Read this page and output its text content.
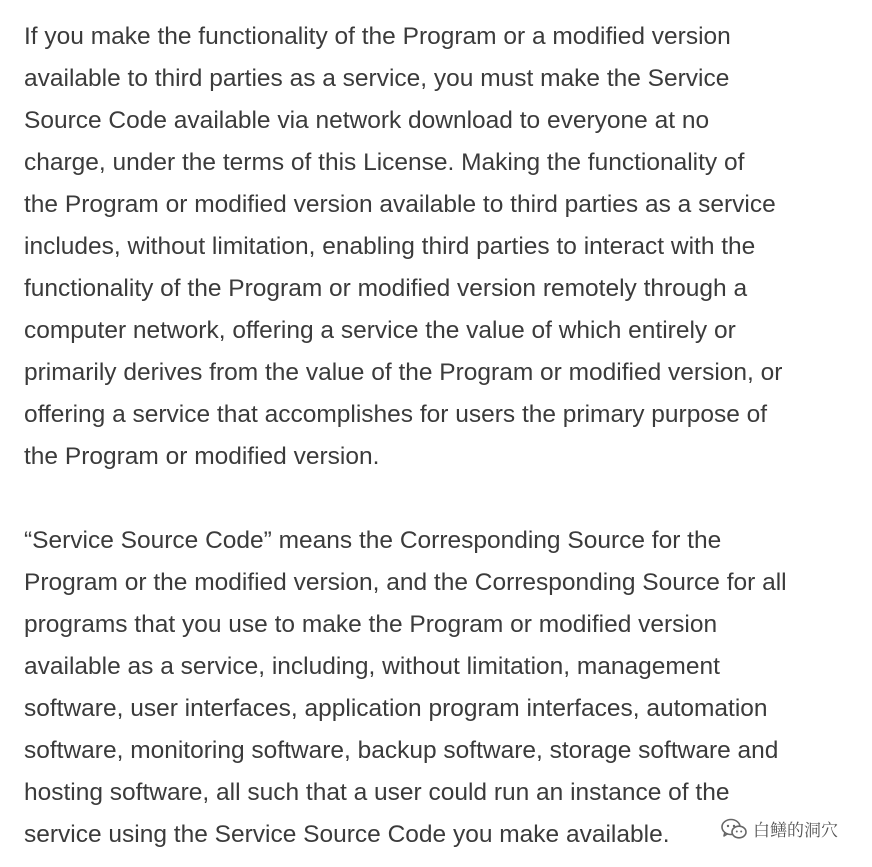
If you make the functionality of the Program or a modified version
available to third parties as a service, you must make the Service
Source Code available via network download to everyone at no
charge, under the terms of this License. Making the functionality of
the Program or modified version available to third parties as a service
includes, without limitation, enabling third parties to interact with the
functionality of the Program or modified version remotely through a
computer network, offering a service the value of which entirely or
primarily derives from the value of the Program or modified version, or
offering a service that accomplishes for users the primary purpose of
the Program or modified version.

“Service Source Code” means the Corresponding Source for the
Program or the modified version, and the Corresponding Source for all
programs that you use to make the Program or modified version
available as a service, including, without limitation, management
software, user interfaces, application program interfaces, automation
software, monitoring software, backup software, storage software and
hosting software, all such that a user could run an instance of the
service using the Service Source Code you make available.	白鳝的洞穴
